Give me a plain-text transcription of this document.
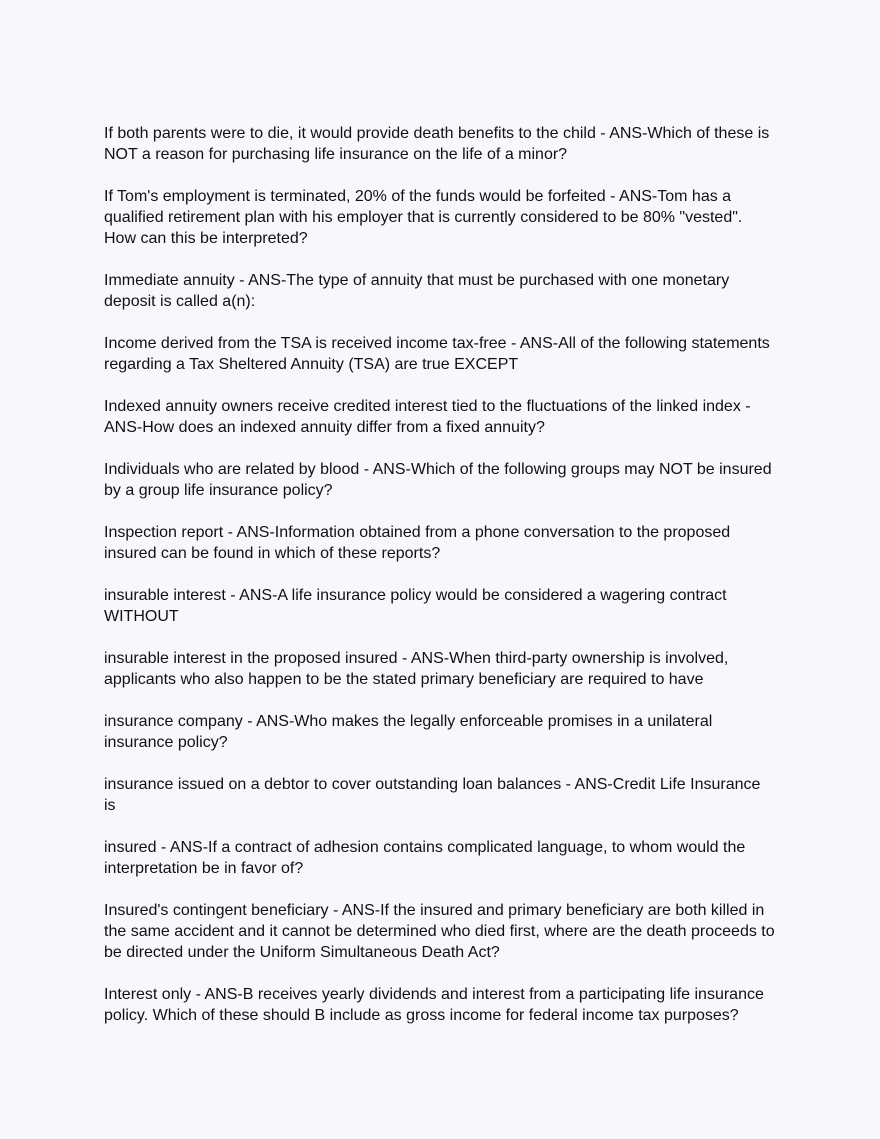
If both parents were to die, it would provide death benefits to the child - ANS-Which of these is NOT a reason for purchasing life insurance on the life of a minor?

If Tom's employment is terminated, 20% of the funds would be forfeited - ANS-Tom has a qualified retirement plan with his employer that is currently considered to be 80% "vested". How can this be interpreted?

Immediate annuity - ANS-The type of annuity that must be purchased with one monetary deposit is called a(n):

Income derived from the TSA is received income tax-free - ANS-All of the following statements regarding a Tax Sheltered Annuity (TSA) are true EXCEPT

Indexed annuity owners receive credited interest tied to the fluctuations of the linked index - ANS-How does an indexed annuity differ from a fixed annuity?

Individuals who are related by blood - ANS-Which of the following groups may NOT be insured by a group life insurance policy?

Inspection report - ANS-Information obtained from a phone conversation to the proposed insured can be found in which of these reports?

insurable interest - ANS-A life insurance policy would be considered a wagering contract WITHOUT

insurable interest in the proposed insured - ANS-When third-party ownership is involved, applicants who also happen to be the stated primary beneficiary are required to have

insurance company - ANS-Who makes the legally enforceable promises in a unilateral insurance policy?

insurance issued on a debtor to cover outstanding loan balances - ANS-Credit Life Insurance is

insured - ANS-If a contract of adhesion contains complicated language, to whom would the interpretation be in favor of?

Insured's contingent beneficiary - ANS-If the insured and primary beneficiary are both killed in the same accident and it cannot be determined who died first, where are the death proceeds to be directed under the Uniform Simultaneous Death Act?

Interest only - ANS-B receives yearly dividends and interest from a participating life insurance policy. Which of these should B include as gross income for federal income tax purposes?
